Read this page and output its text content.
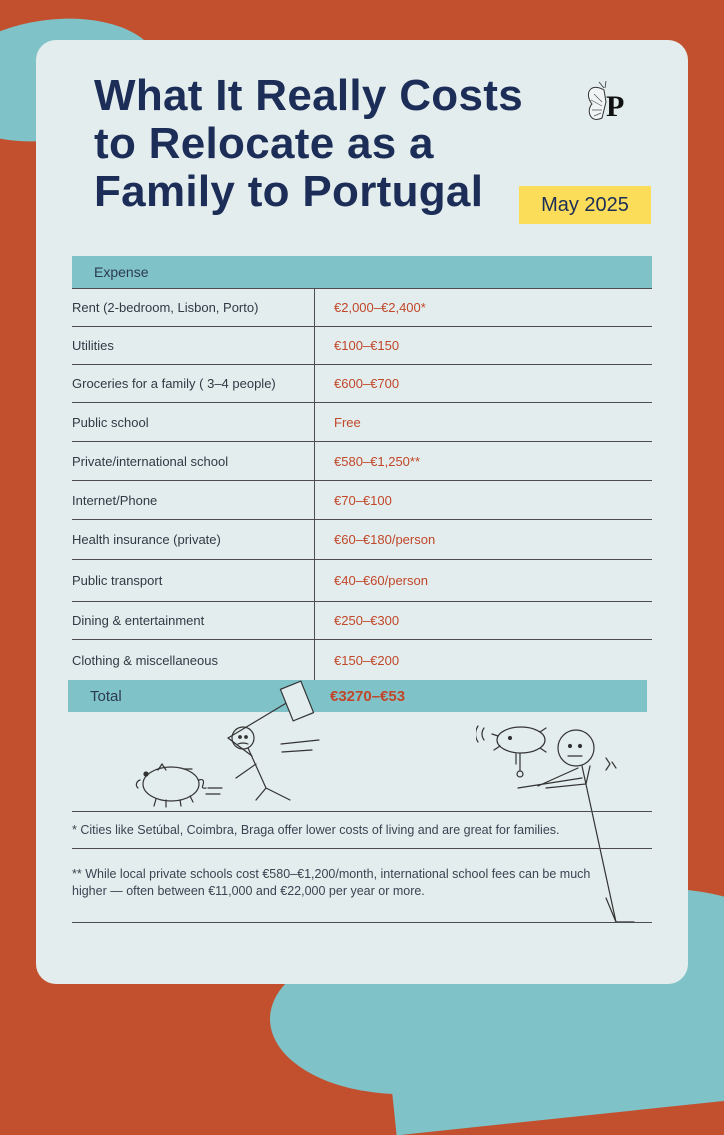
What It Really Costs to Relocate as a Family to Portugal
P
May 2025
Expense
Rent (2-bedroom, Lisbon, Porto)	€2,000–€2,400*
Utilities	€100–€150
Groceries for a family ( 3–4 people)	€600–€700
Public school	Free
Private/international school	€580–€1,250**
Internet/Phone	€70–€100
Health insurance (private)	€60–€180/person
Public transport	€40–€60/person
Dining & entertainment	€250–€300
Clothing & miscellaneous	€150–€200
Total	€3270–€53

* Cities like Setúbal, Coimbra, Braga offer lower costs of living and are great for families.

** While local private schools cost €580–€1,200/month, international school fees can be much higher — often between €11,000 and €22,000 per year or more.
